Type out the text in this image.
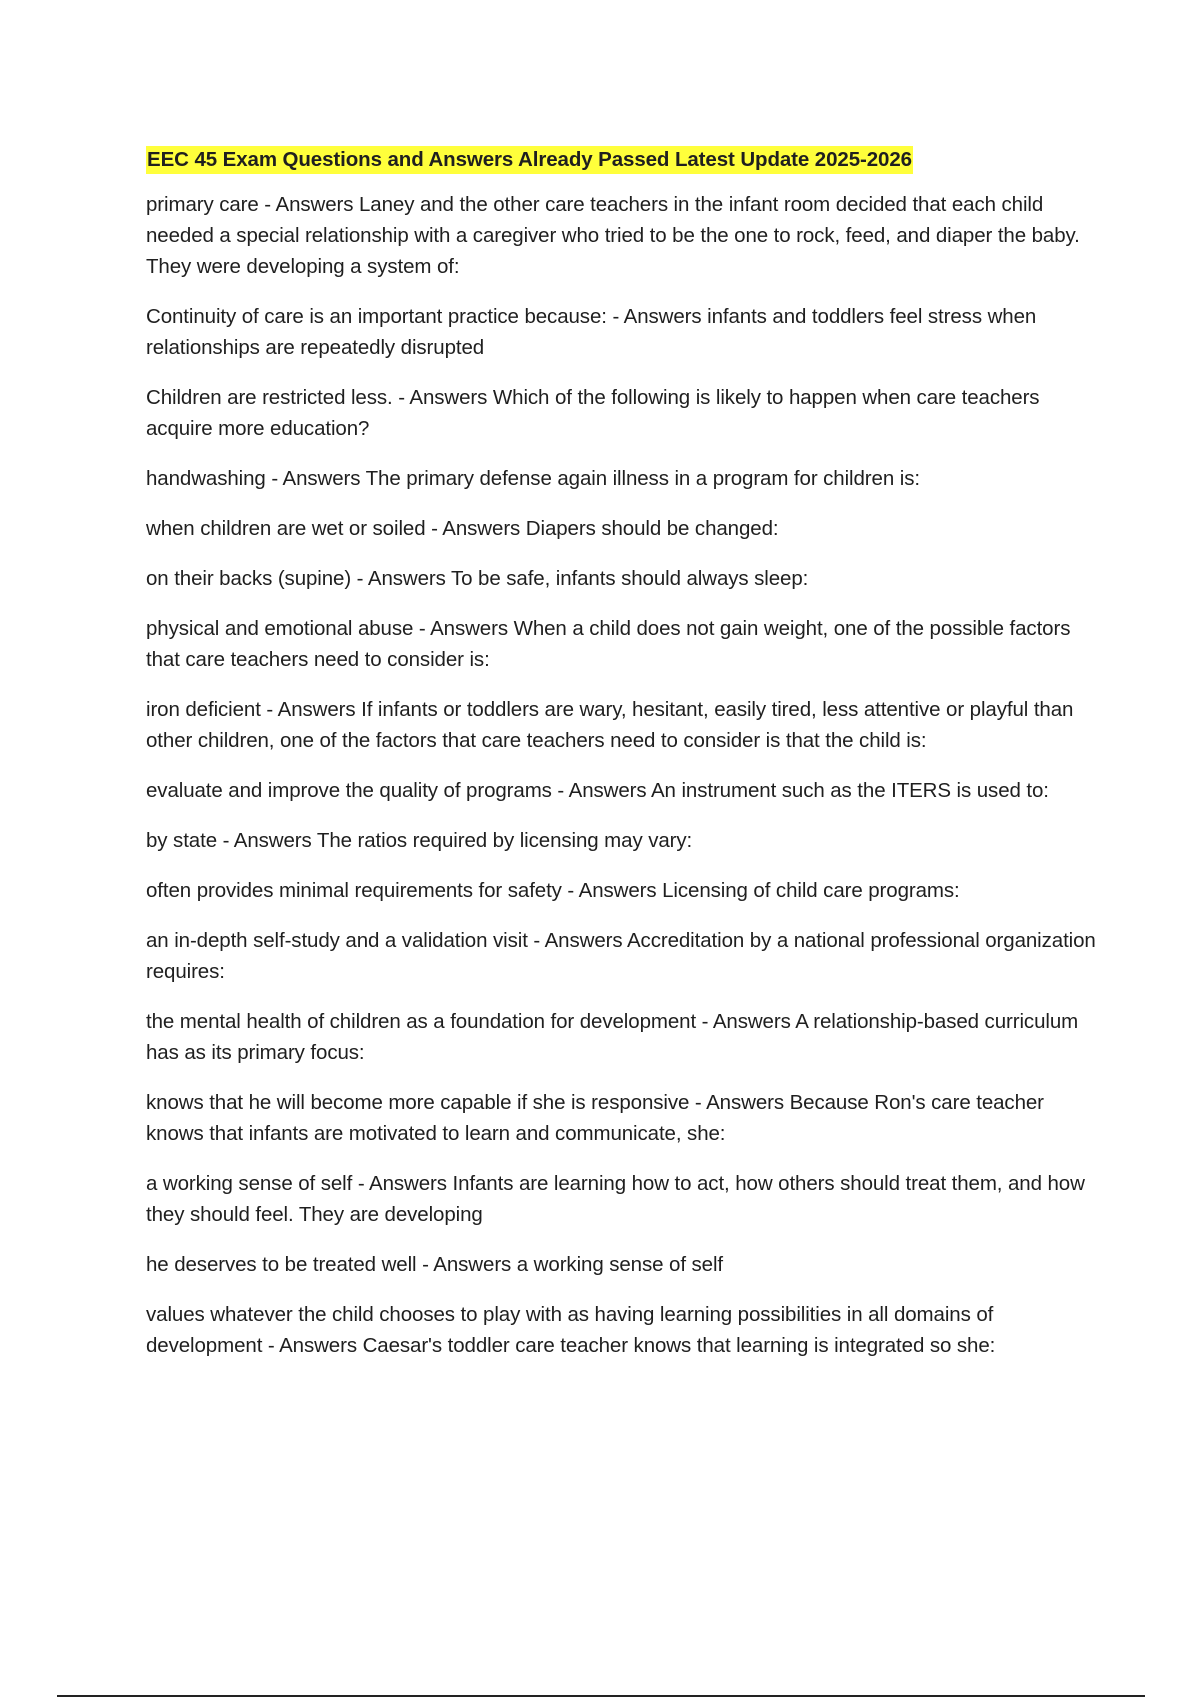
EEC 45 Exam Questions and Answers Already Passed Latest Update 2025-2026
primary care - Answers Laney and the other care teachers in the infant room decided that each child needed a special relationship with a caregiver who tried to be the one to rock, feed, and diaper the baby. They were developing a system of:
Continuity of care is an important practice because: - Answers infants and toddlers feel stress when relationships are repeatedly disrupted
Children are restricted less. - Answers Which of the following is likely to happen when care teachers acquire more education?
handwashing - Answers The primary defense again illness in a program for children is:
when children are wet or soiled - Answers Diapers should be changed:
on their backs (supine) - Answers To be safe, infants should always sleep:
physical and emotional abuse - Answers When a child does not gain weight, one of the possible factors that care teachers need to consider is:
iron deficient - Answers If infants or toddlers are wary, hesitant, easily tired, less attentive or playful than other children, one of the factors that care teachers need to consider is that the child is:
evaluate and improve the quality of programs - Answers An instrument such as the ITERS is used to:
by state - Answers The ratios required by licensing may vary:
often provides minimal requirements for safety - Answers Licensing of child care programs:
an in-depth self-study and a validation visit - Answers Accreditation by a national professional organization requires:
the mental health of children as a foundation for development - Answers A relationship-based curriculum has as its primary focus:
knows that he will become more capable if she is responsive - Answers Because Ron's care teacher knows that infants are motivated to learn and communicate, she:
a working sense of self - Answers Infants are learning how to act, how others should treat them, and how they should feel. They are developing
he deserves to be treated well - Answers a working sense of self
values whatever the child chooses to play with as having learning possibilities in all domains of development - Answers Caesar's toddler care teacher knows that learning is integrated so she:
